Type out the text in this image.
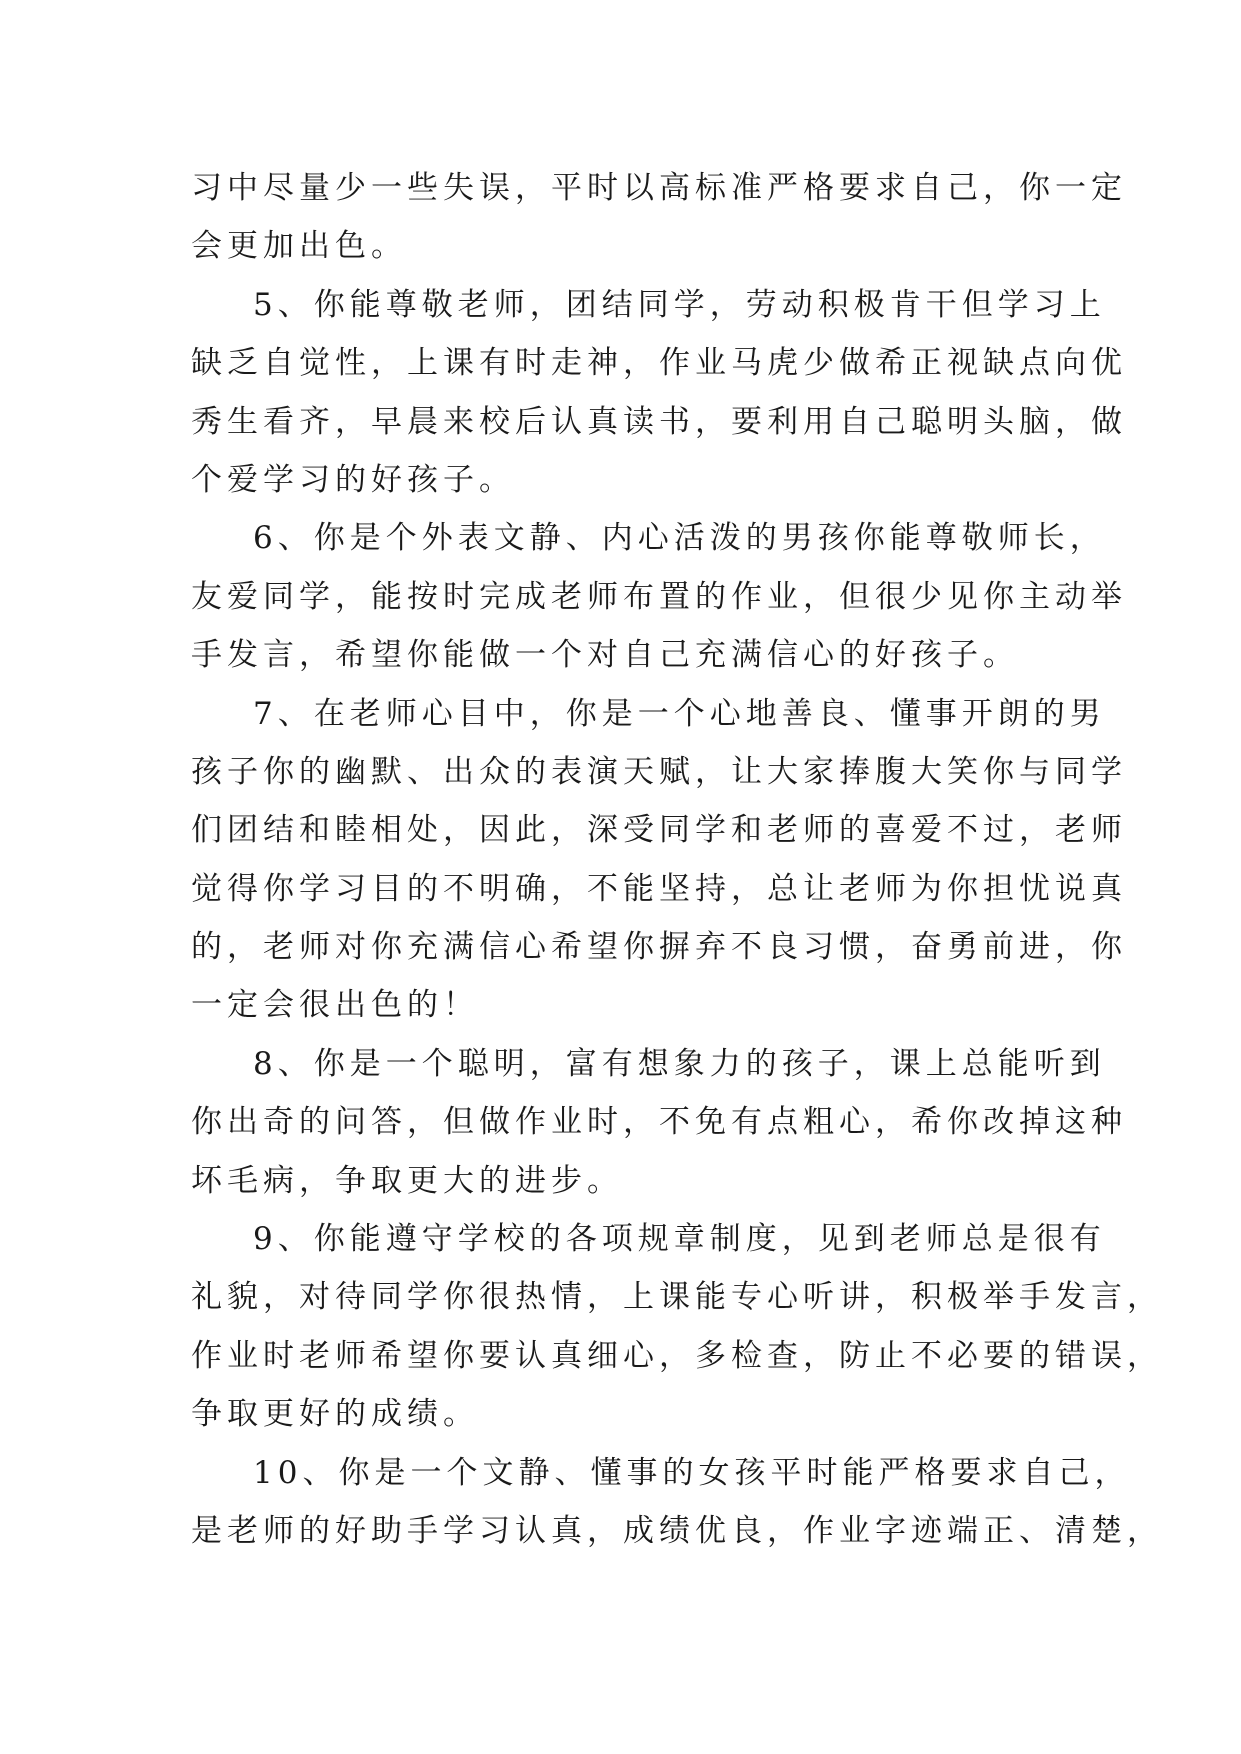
习中尽量少一些失误，平时以高标准严格要求自己，你一定
会更加出色。
5、你能尊敬老师，团结同学，劳动积极肯干但学习上
缺乏自觉性，上课有时走神，作业马虎少做希正视缺点向优
秀生看齐，早晨来校后认真读书，要利用自己聪明头脑，做
个爱学习的好孩子。
6、你是个外表文静、内心活泼的男孩你能尊敬师长，
友爱同学，能按时完成老师布置的作业，但很少见你主动举
手发言，希望你能做一个对自己充满信心的好孩子。
7、在老师心目中，你是一个心地善良、懂事开朗的男
孩子你的幽默、出众的表演天赋，让大家捧腹大笑你与同学
们团结和睦相处，因此，深受同学和老师的喜爱不过，老师
觉得你学习目的不明确，不能坚持，总让老师为你担忧说真
的，老师对你充满信心希望你摒弃不良习惯，奋勇前进，你
一定会很出色的！
8、你是一个聪明，富有想象力的孩子，课上总能听到
你出奇的问答，但做作业时，不免有点粗心，希你改掉这种
坏毛病，争取更大的进步。
9、你能遵守学校的各项规章制度，见到老师总是很有
礼貌，对待同学你很热情，上课能专心听讲，积极举手发言，
作业时老师希望你要认真细心，多检查，防止不必要的错误，
争取更好的成绩。
10、你是一个文静、懂事的女孩平时能严格要求自己，
是老师的好助手学习认真，成绩优良，作业字迹端正、清楚，
